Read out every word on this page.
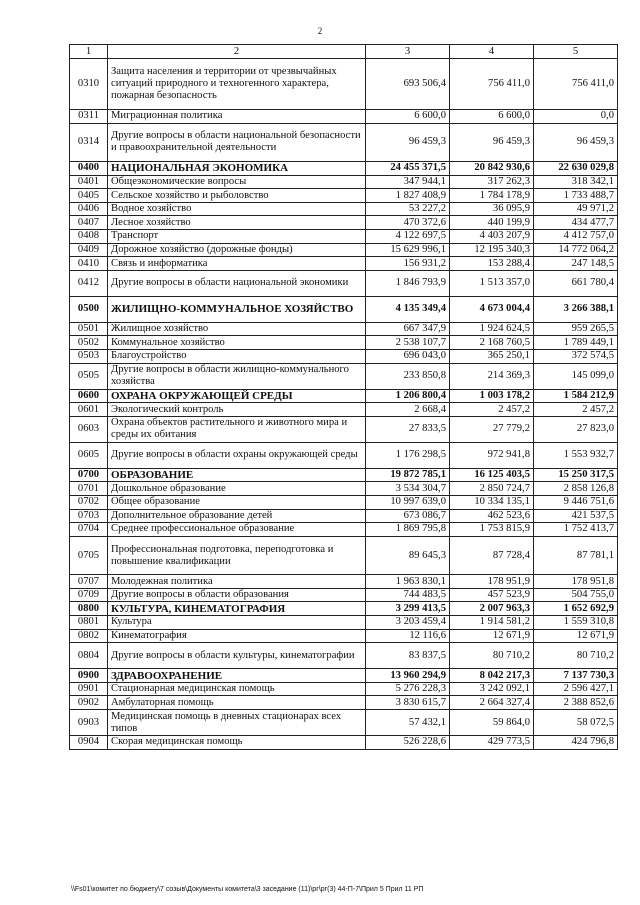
2
1	2	3	4	5
0310	Защита населения и территории от чрезвычайных ситуаций природного и техногенного характера, пожарная безопасность	693 506,4	756 411,0	756 411,0
0311	Миграционная политика	6 600,0	6 600,0	0,0
0314	Другие вопросы в области национальной безопасности и правоохранительной деятельности	96 459,3	96 459,3	96 459,3
0400	НАЦИОНАЛЬНАЯ ЭКОНОМИКА	24 455 371,5	20 842 930,6	22 630 029,8
0401	Общеэкономические вопросы	347 944,1	317 262,3	318 342,1
0405	Сельское хозяйство и рыболовство	1 827 408,9	1 784 178,9	1 733 488,7
0406	Водное хозяйство	53 227,2	36 095,9	49 971,2
0407	Лесное хозяйство	470 372,6	440 199,9	434 477,7
0408	Транспорт	4 122 697,5	4 403 207,9	4 412 757,0
0409	Дорожное хозяйство (дорожные фонды)	15 629 996,1	12 195 340,3	14 772 064,2
0410	Связь и информатика	156 931,2	153 288,4	247 148,5
0412	Другие вопросы в области национальной экономики	1 846 793,9	1 513 357,0	661 780,4
0500	ЖИЛИЩНО-КОММУНАЛЬНОЕ ХОЗЯЙСТВО	4 135 349,4	4 673 004,4	3 266 388,1
0501	Жилищное хозяйство	667 347,9	1 924 624,5	959 265,5
0502	Коммунальное хозяйство	2 538 107,7	2 168 760,5	1 789 449,1
0503	Благоустройство	696 043,0	365 250,1	372 574,5
0505	Другие вопросы в области жилищно-коммунального хозяйства	233 850,8	214 369,3	145 099,0
0600	ОХРАНА ОКРУЖАЮЩЕЙ СРЕДЫ	1 206 800,4	1 003 178,2	1 584 212,9
0601	Экологический контроль	2 668,4	2 457,2	2 457,2
0603	Охрана объектов растительного и животного мира и среды их обитания	27 833,5	27 779,2	27 823,0
0605	Другие вопросы в области охраны окружающей среды	1 176 298,5	972 941,8	1 553 932,7
0700	ОБРАЗОВАНИЕ	19 872 785,1	16 125 403,5	15 250 317,5
0701	Дошкольное образование	3 534 304,7	2 850 724,7	2 858 126,8
0702	Общее образование	10 997 639,0	10 334 135,1	9 446 751,6
0703	Дополнительное образование детей	673 086,7	462 523,6	421 537,5
0704	Среднее профессиональное образование	1 869 795,8	1 753 815,9	1 752 413,7
0705	Профессиональная подготовка, переподготовка и повышение квалификации	89 645,3	87 728,4	87 781,1
0707	Молодежная политика	1 963 830,1	178 951,9	178 951,8
0709	Другие вопросы в области образования	744 483,5	457 523,9	504 755,0
0800	КУЛЬТУРА, КИНЕМАТОГРАФИЯ	3 299 413,5	2 007 963,3	1 652 692,9
0801	Культура	3 203 459,4	1 914 581,2	1 559 310,8
0802	Кинематография	12 116,6	12 671,9	12 671,9
0804	Другие вопросы в области культуры, кинематографии	83 837,5	80 710,2	80 710,2
0900	ЗДРАВООХРАНЕНИЕ	13 960 294,9	8 042 217,3	7 137 730,3
0901	Стационарная медицинская помощь	5 276 228,3	3 242 092,1	2 596 427,1
0902	Амбулаторная помощь	3 830 615,7	2 664 327,4	2 388 852,6
0903	Медицинская помощь в дневных стационарах всех типов	57 432,1	59 864,0	58 072,5
0904	Скорая медицинская помощь	526 228,6	429 773,5	424 796,8
\\Fs01\комитет по бюджету\7 созыв\Документы комитета\3 заседание (11)\рг\рг(3) 44-П-7\Прил 5 Прил 11 РП
